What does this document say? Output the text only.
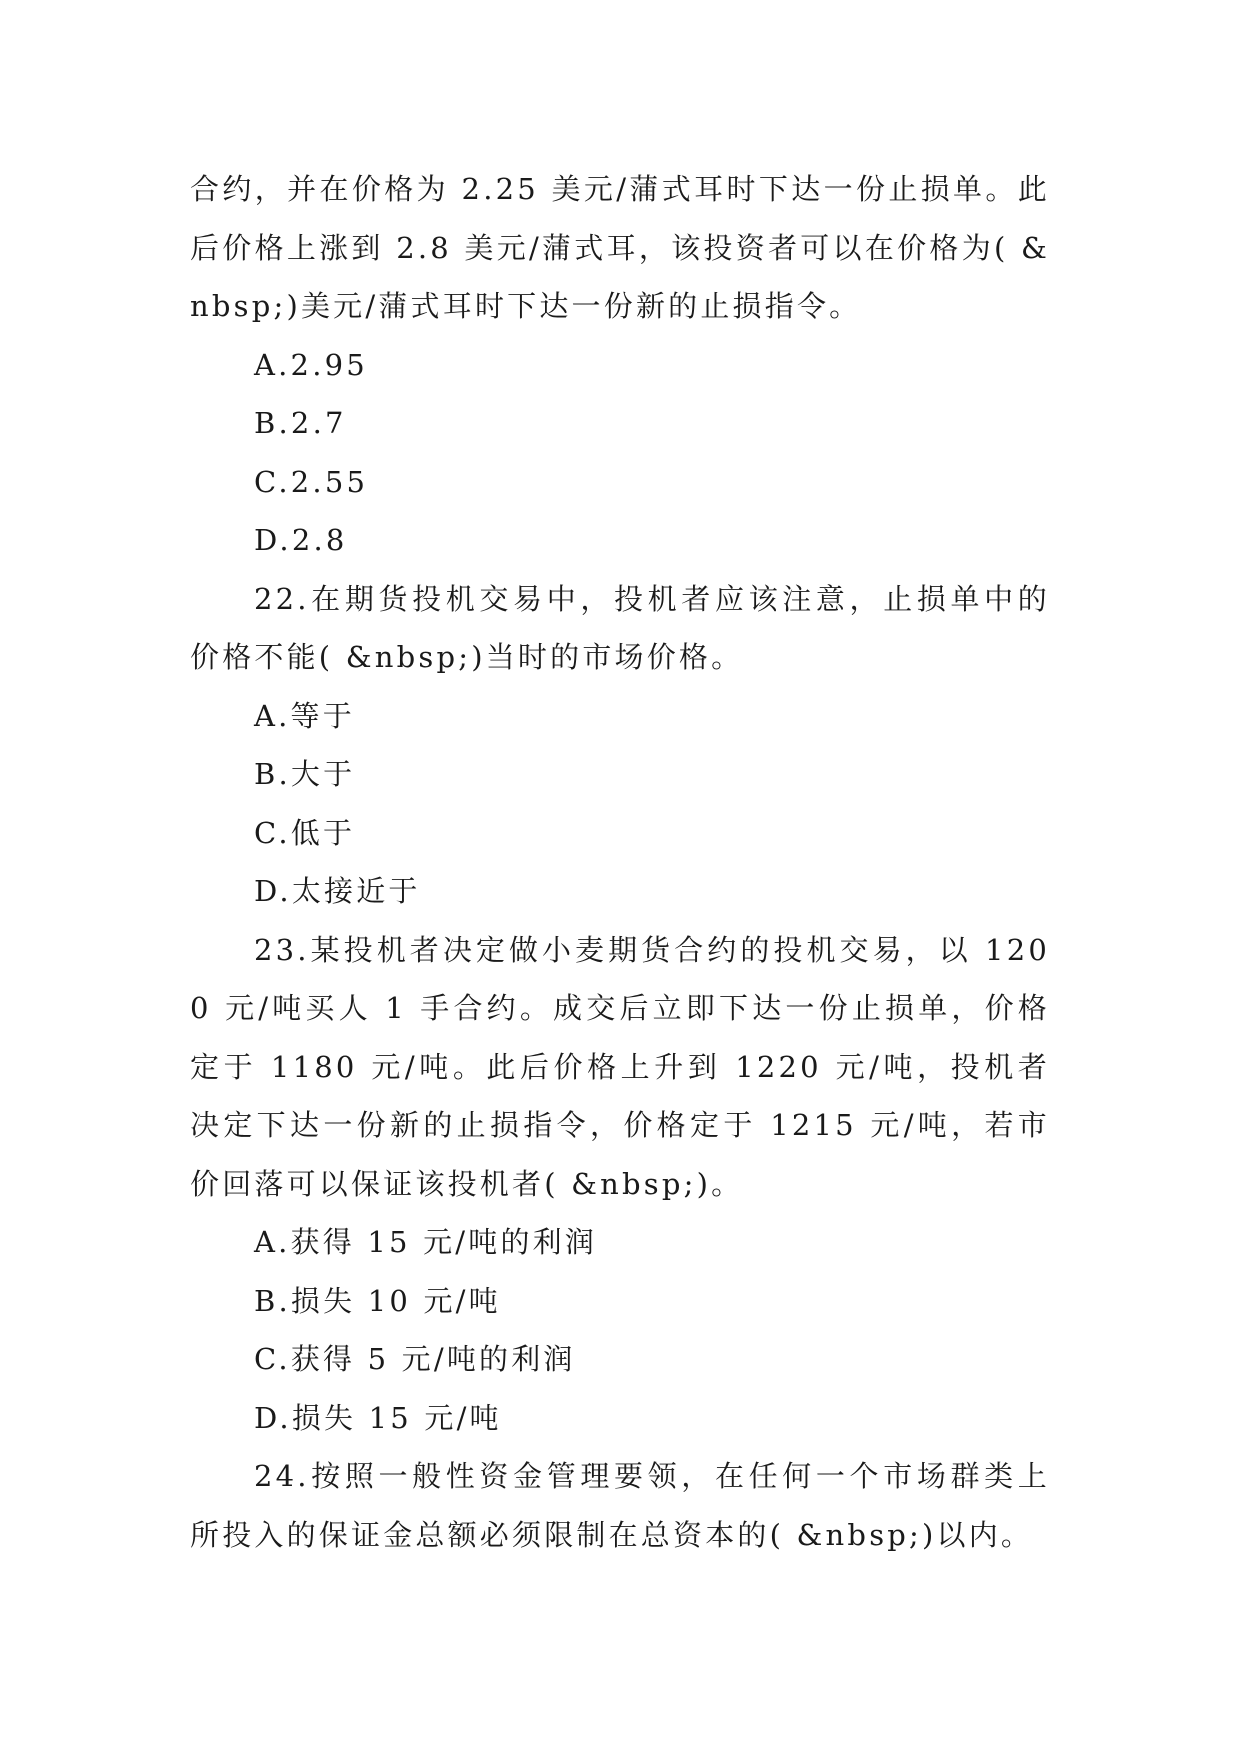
合约，并在价格为 2.25 美元/蒲式耳时下达一份止损单。此后价格上涨到 2.8 美元/蒲式耳，该投资者可以在价格为( &nbsp;)美元/蒲式耳时下达一份新的止损指令。

A.2.95

B.2.7

C.2.55

D.2.8

22.在期货投机交易中，投机者应该注意，止损单中的价格不能( &nbsp;)当时的市场价格。

A.等于

B.大于

C.低于

D.太接近于

23.某投机者决定做小麦期货合约的投机交易，以 1200 元/吨买人 1 手合约。成交后立即下达一份止损单，价格定于 1180 元/吨。此后价格上升到 1220 元/吨，投机者决定下达一份新的止损指令，价格定于 1215 元/吨，若市价回落可以保证该投机者( &nbsp;)。

A.获得 15 元/吨的利润

B.损失 10 元/吨

C.获得 5 元/吨的利润

D.损失 15 元/吨

24.按照一般性资金管理要领，在任何一个市场群类上所投入的保证金总额必须限制在总资本的( &nbsp;)以内。
